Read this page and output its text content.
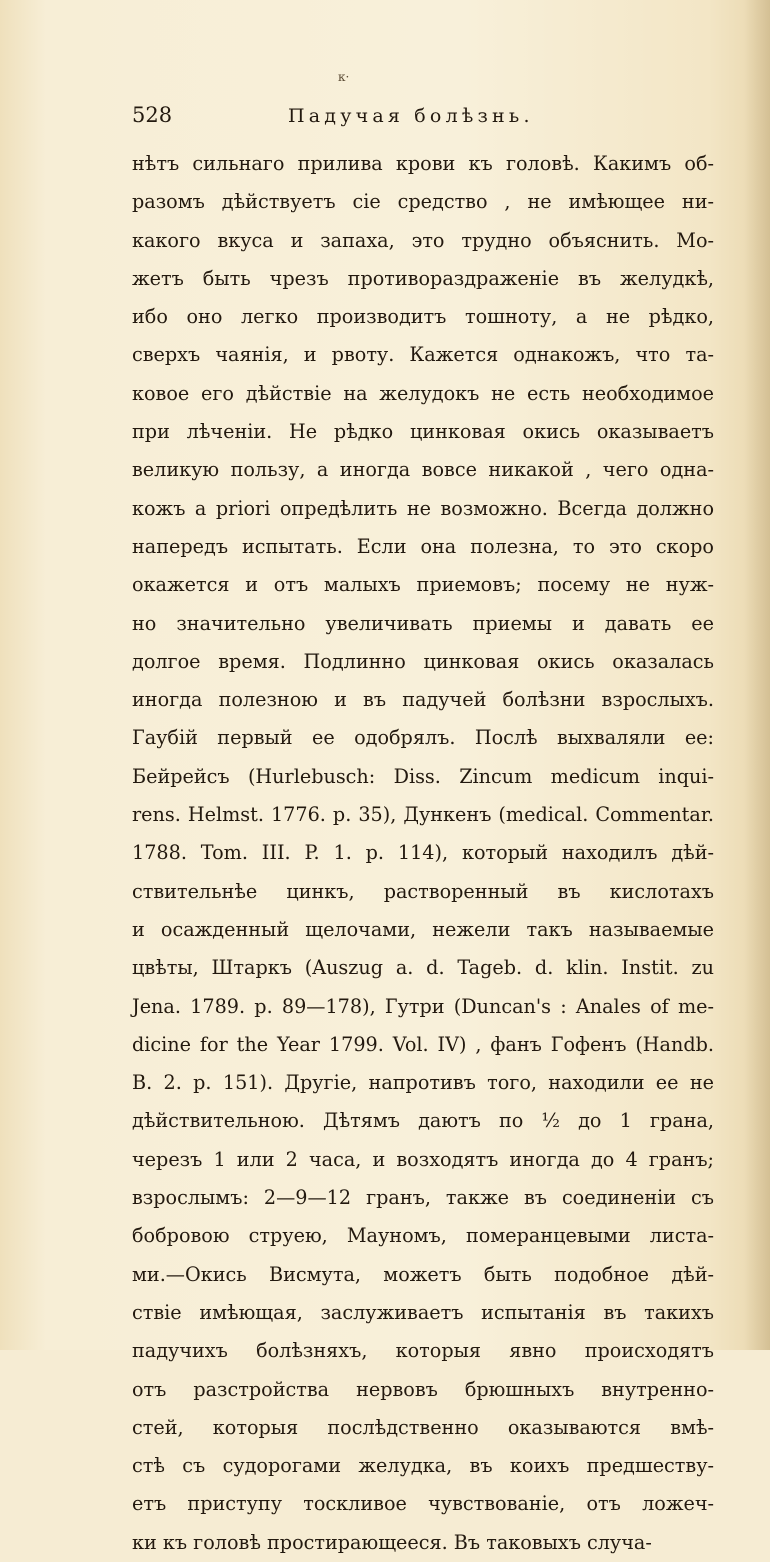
к·
528	Падучая болѣзнь.
нѣтъ сильнаго прилива крови къ головѣ. Какимъ об-
разомъ дѣйствуетъ сіе средство , не имѣющее ни-
какого вкуса и запаха, это трудно объяснить. Мо-
жетъ быть чрезъ противораздраженіе въ желудкѣ,
ибо оно легко производитъ тошноту, а не рѣдко,
сверхъ чаянія, и рвоту. Кажется однакожъ, что та-
ковое его дѣйствіе на желудокъ не есть необходимое
при лѣченіи. Не рѣдко цинковая окись оказываетъ
великую пользу, а иногда вовсе никакой , чего одна-
кожъ a priori опредѣлить не возможно. Всегда должно
напередъ испытать. Если она полезна, то это скоро
окажется и отъ малыхъ приемовъ; посему не нуж-
но значительно увеличивать приемы и давать ее
долгое время. Подлинно цинковая окись оказалась
иногда полезною и въ падучей болѣзни взрослыхъ.
Гаубій первый ее одобрялъ. Послѣ выхваляли ее:
Бейрейсъ (Hurlebusch: Diss. Zincum medicum inqui-
rens. Helmst. 1776. p. 35), Дункенъ (medical. Commentar.
1788. Tom. III. P. 1. p. 114), который находилъ дѣй-
ствительнѣе цинкъ, растворенный въ кислотахъ
и осажденный щелочами, нежели такъ называемые
цвѣты, Штаркъ (Auszug a. d. Tageb. d. klin. Instit. zu
Jena. 1789. p. 89—178), Гутри (Duncan's : Anales of me-
dicine for the Year 1799. Vol. IV) , фанъ Гофенъ (Handb.
B. 2. p. 151). Другіе, напротивъ того, находили ее не
дѣйствительною. Дѣтямъ даютъ по ½ до 1 грана,
черезъ 1 или 2 часа, и возходятъ иногда до 4 гранъ;
взрослымъ: 2—9—12 гранъ, также въ соединеніи съ
бобровою струею, Мауномъ, померанцевыми листа-
ми.—Окись Висмута, можетъ быть подобное дѣй-
ствіе имѣющая, заслуживаетъ испытанія въ такихъ
падучихъ болѣзняхъ, которыя явно происходятъ
отъ разстройства нервовъ брюшныхъ внутренно-
стей, которыя послѣдственно оказываются вмѣ-
стѣ съ судорогами желудка, въ коихъ предшеству-
етъ приступу тоскливое чувствованіе, отъ ложеч-
ки къ головѣ простирающееся. Въ таковыхъ случа-
